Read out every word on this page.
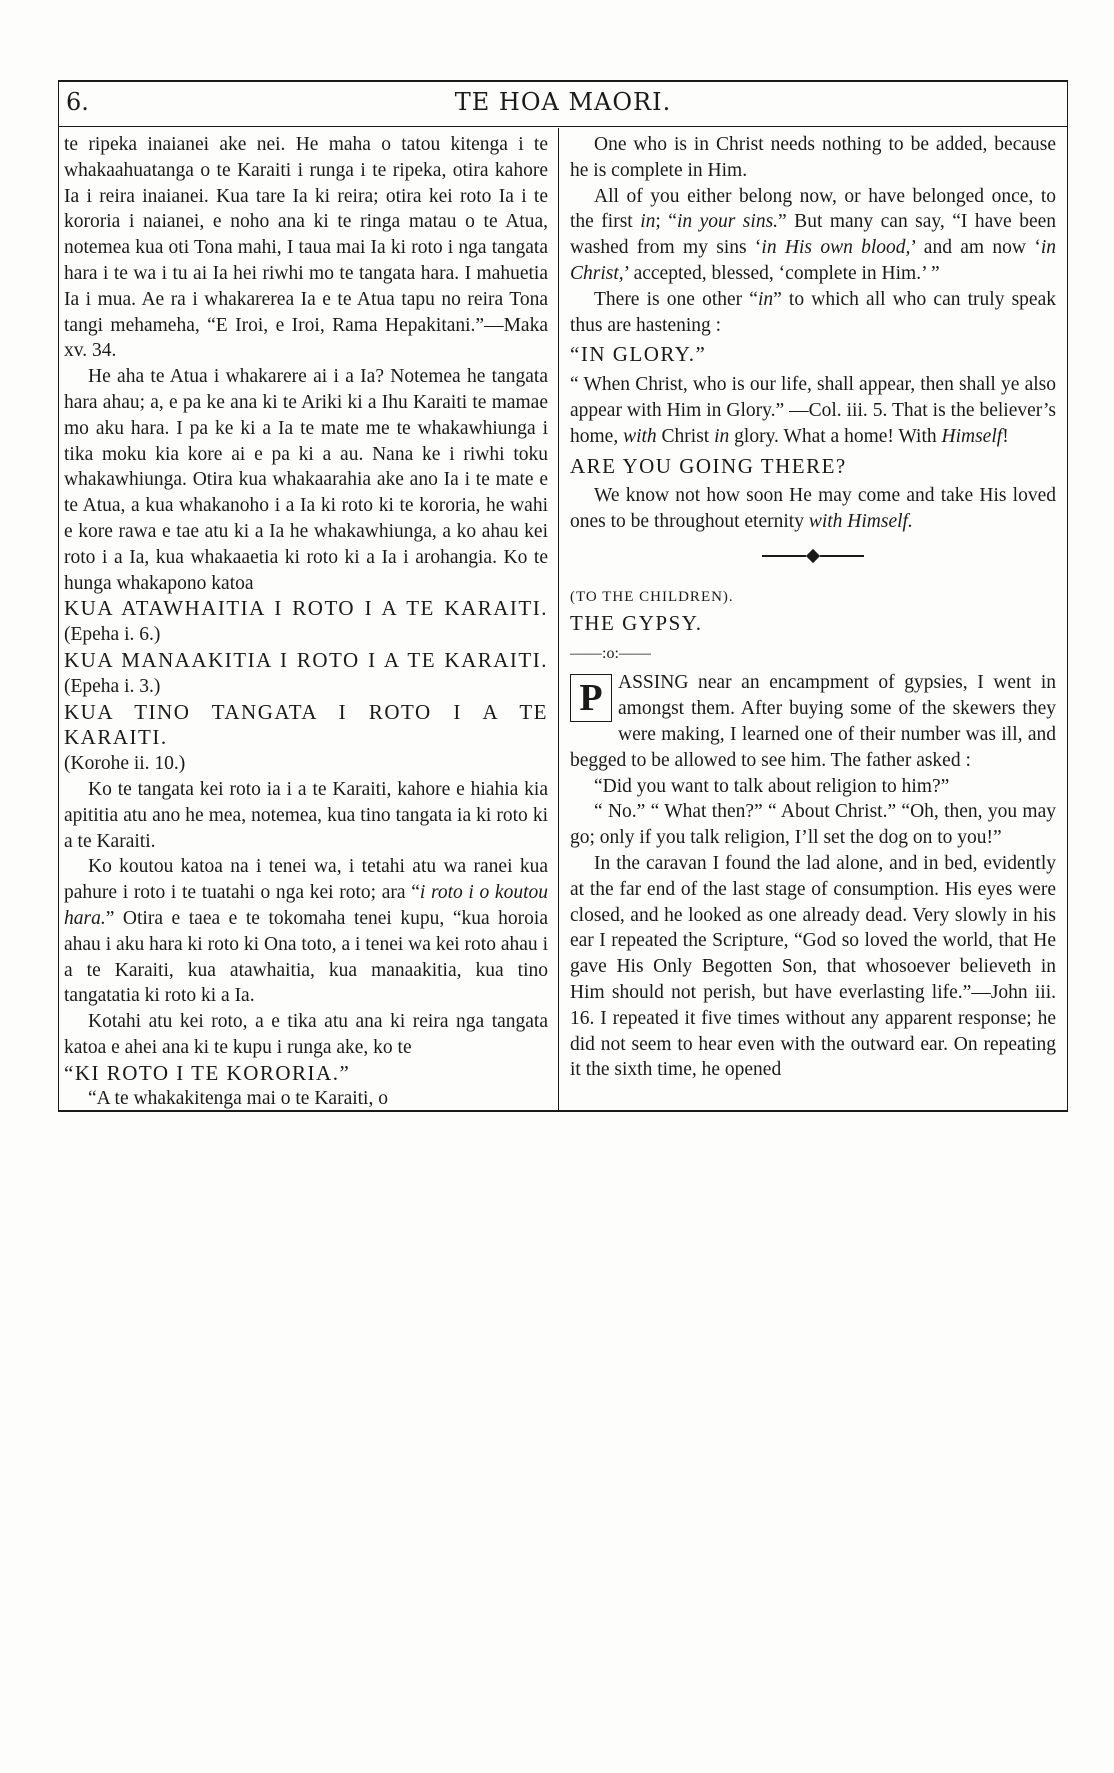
6.	TE HOA MAORI.

te ripeka inaianei ake nei. He maha o tatou kitenga i te whakaahuatanga o te Karaiti i runga i te ripeka, otira kahore Ia i reira inaianei. Kua tare Ia ki reira; otira kei roto Ia i te kororia i naianei, e noho ana ki te ringa matau o te Atua, notemea kua oti Tona mahi, I taua mai Ia ki roto i nga tangata hara i te wa i tu ai Ia hei riwhi mo te tangata hara. I mahuetia Ia i mua. Ae ra i whakarerea Ia e te Atua tapu no reira Tona tangi mehameha, “E Iroi, e Iroi, Rama Hepakitani.”—Maka xv. 34.

He aha te Atua i whakarere ai i a Ia? Notemea he tangata hara ahau; a, e pa ke ana ki te Ariki ki a Ihu Karaiti te mamae mo aku hara. I pa ke ki a Ia te mate me te whakawhiunga i tika moku kia kore ai e pa ki a au. Nana ke i riwhi toku whakawhiunga. Otira kua whakaarahia ake ano Ia i te mate e te Atua, a kua whakanoho i a Ia ki roto ki te kororia, he wahi e kore rawa e tae atu ki a Ia he whakawhiunga, a ko ahau kei roto i a Ia, kua whakaaetia ki roto ki a Ia i arohangia. Ko te hunga whakapono katoa

KUA ATAWHAITIA I ROTO I A TE KARAITI.

(Epeha i. 6.)

KUA MANAAKITIA I ROTO I A TE KARAITI.

(Epeha i. 3.)

KUA TINO TANGATA I ROTO I A TE KARAITI.

(Korohe ii. 10.)

Ko te tangata kei roto ia i a te Karaiti, kahore e hiahia kia apititia atu ano he mea, notemea, kua tino tangata ia ki roto ki a te Karaiti.

Ko koutou katoa na i tenei wa, i tetahi atu wa ranei kua pahure i roto i te tuatahi o nga kei roto; ara “i roto i o koutou hara.” Otira e taea e te tokomaha tenei kupu, “kua horoia ahau i aku hara ki roto ki Ona toto, a i tenei wa kei roto ahau i a te Karaiti, kua atawhaitia, kua manaakitia, kua tino tangatatia ki roto ki a Ia.

Kotahi atu kei roto, a e tika atu ana ki reira nga tangata katoa e ahei ana ki te kupu i runga ake, ko te

“KI ROTO I TE KORORIA.”

“A te whakakitenga mai o te Karaiti, o

One who is in Christ needs nothing to be added, because he is complete in Him.

All of you either belong now, or have belonged once, to the first in; “in your sins.” But many can say, “I have been washed from my sins ‘in His own blood,’ and am now ‘in Christ,’ accepted, blessed, ‘complete in Him.’ ”

There is one other “in” to which all who can truly speak thus are hastening :

“IN GLORY.”

“ When Christ, who is our life, shall appear, then shall ye also appear with Him in Glory.” —Col. iii. 5. That is the believer’s home, with Christ in glory. What a home! With Himself!

ARE YOU GOING THERE?

We know not how soon He may come and take His loved ones to be throughout eternity with Himself.

(TO THE CHILDREN).

THE GYPSY.

——:o:——

P ASSING near an encampment of gypsies, I went in amongst them. After buying some of the skewers they were making, I learned one of their number was ill, and begged to be allowed to see him. The father asked :

“Did you want to talk about religion to him?”

“ No.” “ What then?” “ About Christ.” “Oh, then, you may go; only if you talk religion, I’ll set the dog on to you!”

In the caravan I found the lad alone, and in bed, evidently at the far end of the last stage of consumption. His eyes were closed, and he looked as one already dead. Very slowly in his ear I repeated the Scripture, “God so loved the world, that He gave His Only Begotten Son, that whosoever believeth in Him should not perish, but have everlasting life.”—John iii. 16. I repeated it five times without any apparent response; he did not seem to hear even with the outward ear. On repeating it the sixth time, he opened
